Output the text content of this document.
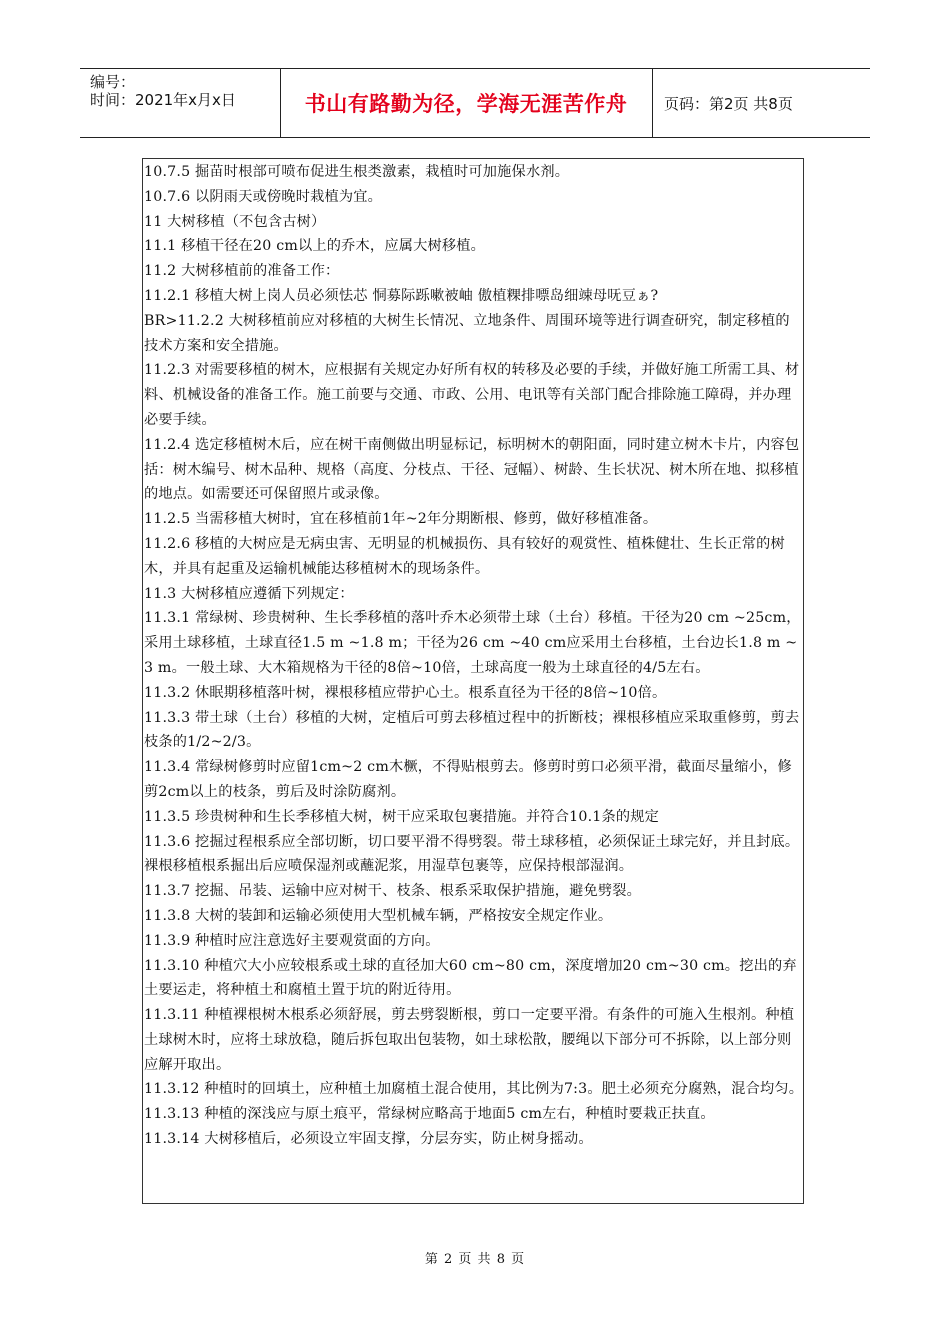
编号：
时间：2021年x月x日	书山有路勤为径，学海无涯苦作舟	页码：第2页 共8页

10.7.5 掘苗时根部可喷布促进生根类激素，栽植时可加施保水剂。

10.7.6 以阴雨天或傍晚时栽植为宜。

11 大树移植（不包含古树）

11.1 移植干径在20 cm以上的乔木，应属大树移植。

11.2 大树移植前的准备工作：

11.2.1 移植大树上岗人员必须怯芯 恫募际跞嗽被岫 傲植粿排嘌岛细竦母呒豆ぁ?

BR>11.2.2 大树移植前应对移植的大树生长情况、立地条件、周围环境等进行调查研究，制定移植的技术方案和安全措施。

11.2.3 对需要移植的树木，应根据有关规定办好所有权的转移及必要的手续，并做好施工所需工具、材料、机械设备的准备工作。施工前要与交通、市政、公用、电讯等有关部门配合排除施工障碍，并办理必要手续。

11.2.4 选定移植树木后，应在树干南侧做出明显标记，标明树木的朝阳面，同时建立树木卡片，内容包括：树木编号、树木品种、规格（高度、分枝点、干径、冠幅）、树龄、生长状况、树木所在地、拟移植的地点。如需要还可保留照片或录像。

11.2.5 当需移植大树时，宜在移植前1年~2年分期断根、修剪，做好移植准备。

11.2.6 移植的大树应是无病虫害、无明显的机械损伤、具有较好的观赏性、植株健壮、生长正常的树木，并具有起重及运输机械能达移植树木的现场条件。

11.3 大树移植应遵循下列规定：

11.3.1 常绿树、珍贵树种、生长季移植的落叶乔木必须带土球（土台）移植。干径为20 cm ~25cm，采用土球移植，土球直径1.5 m ~1.8 m；干径为26 cm ~40 cm应采用土台移植，土台边长1.8 m ~3 m。一般土球、大木箱规格为干径的8倍~10倍，土球高度一般为土球直径的4/5左右。

11.3.2 休眠期移植落叶树，裸根移植应带护心土。根系直径为干径的8倍~10倍。

11.3.3 带土球（土台）移植的大树，定植后可剪去移植过程中的折断枝；裸根移植应采取重修剪，剪去枝条的1/2~2/3。

11.3.4 常绿树修剪时应留1cm~2 cm木橛，不得贴根剪去。修剪时剪口必须平滑，截面尽量缩小，修剪2cm以上的枝条，剪后及时涂防腐剂。

11.3.5 珍贵树种和生长季移植大树，树干应采取包裹措施。并符合10.1条的规定

11.3.6 挖掘过程根系应全部切断，切口要平滑不得劈裂。带土球移植，必须保证土球完好，并且封底。裸根移植根系掘出后应喷保湿剂或蘸泥浆，用湿草包裹等，应保持根部湿润。

11.3.7 挖掘、吊装、运输中应对树干、枝条、根系采取保护措施，避免劈裂。

11.3.8 大树的装卸和运输必须使用大型机械车辆，严格按安全规定作业。

11.3.9 种植时应注意选好主要观赏面的方向。

11.3.10 种植穴大小应较根系或土球的直径加大60 cm~80 cm，深度增加20 cm~30 cm。挖出的弃土要运走，将种植土和腐植土置于坑的附近待用。

11.3.11 种植裸根树木根系必须舒展，剪去劈裂断根，剪口一定要平滑。有条件的可施入生根剂。种植土球树木时，应将土球放稳，随后拆包取出包装物，如土球松散，腰绳以下部分可不拆除，以上部分则应解开取出。

11.3.12 种植时的回填土，应种植土加腐植土混合使用，其比例为7:3。肥土必须充分腐熟，混合均匀。

11.3.13 种植的深浅应与原土痕平，常绿树应略高于地面5 cm左右，种植时要栽正扶直。

11.3.14 大树移植后，必须设立牢固支撑，分层夯实，防止树身摇动。

第 2 页 共 8 页
